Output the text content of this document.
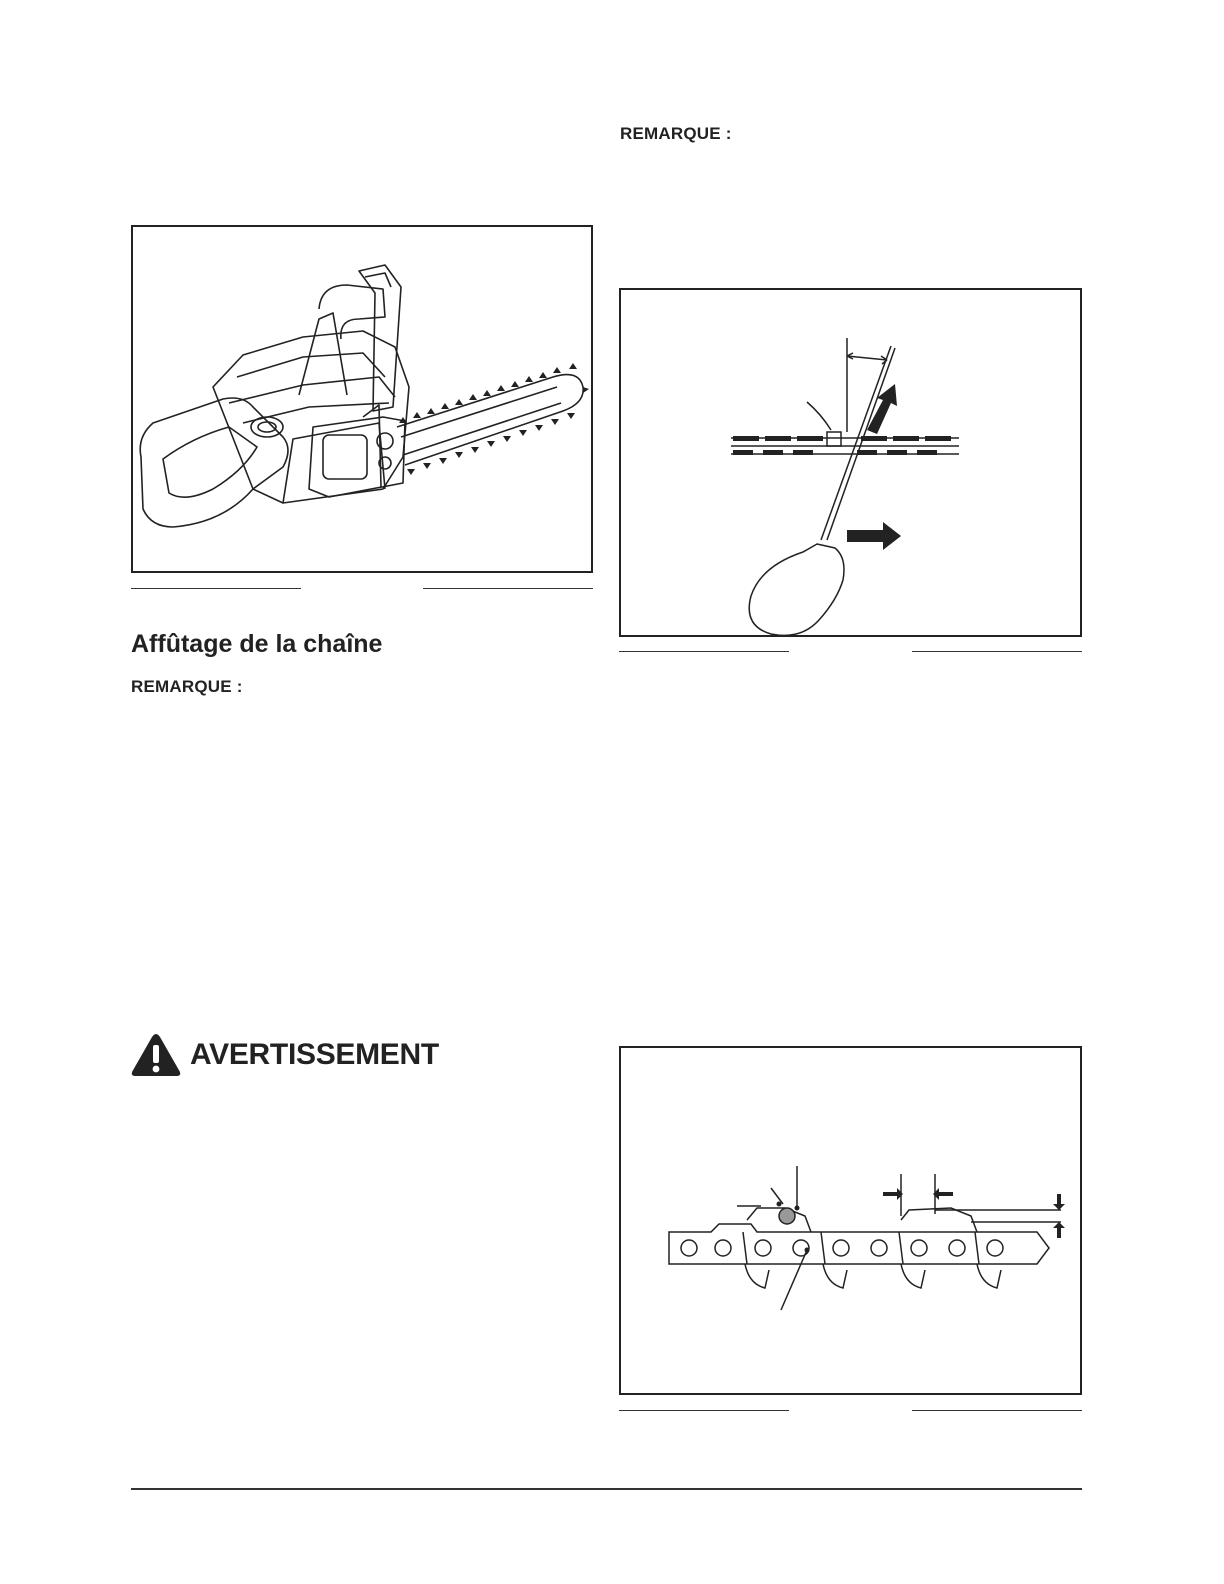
REMARQUE :
Affûtage de la chaîne
REMARQUE :
AVERTISSEMENT
